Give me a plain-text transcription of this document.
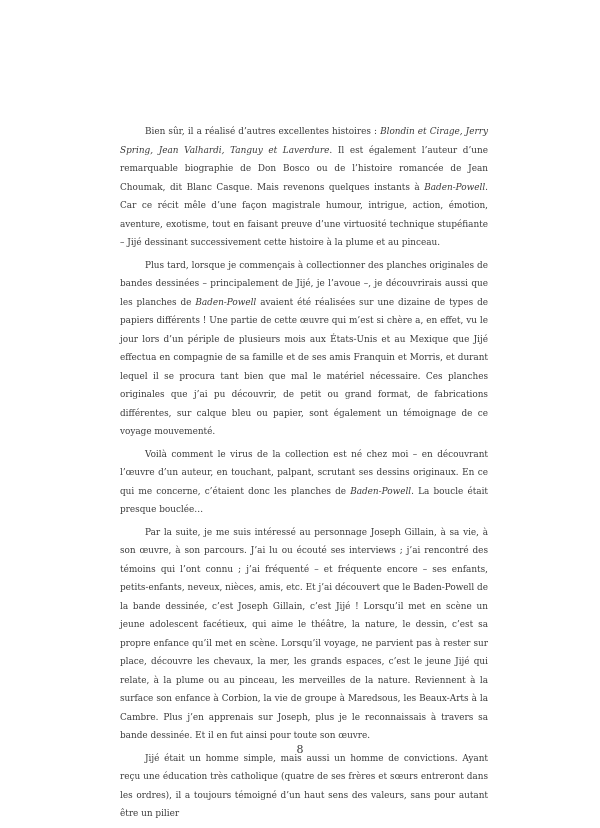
Bien sûr, il a réalisé d’autres excellentes histoires : Blondin et Cirage, Jerry Spring, Jean Valhardi, Tanguy et Laverdure. Il est également l’auteur d’une remarquable biographie de Don Bosco ou de l’histoire romancée de Jean Choumak, dit Blanc Casque. Mais revenons quelques instants à Baden-Powell. Car ce récit mêle d’une façon magistrale humour, intrigue, action, émotion, aventure, exotisme, tout en faisant preuve d’une virtuosité technique stupéfiante – Jijé dessinant successivement cette histoire à la plume et au pinceau.

Plus tard, lorsque je commençais à collectionner des planches originales de bandes dessinées – principalement de Jijé, je l’avoue –, je découvrirais aussi que les planches de Baden-Powell avaient été réalisées sur une dizaine de types de papiers différents ! Une partie de cette œuvre qui m’est si chère a, en effet, vu le jour lors d’un périple de plusieurs mois aux États-Unis et au Mexique que Jijé effectua en compagnie de sa famille et de ses amis Franquin et Morris, et durant lequel il se procura tant bien que mal le matériel nécessaire. Ces planches originales que j’ai pu découvrir, de petit ou grand format, de fabrications différentes, sur calque bleu ou papier, sont également un témoignage de ce voyage mouvementé.

Voilà comment le virus de la collection est né chez moi – en découvrant l’œuvre d’un auteur, en touchant, palpant, scrutant ses dessins originaux. En ce qui me concerne, c’étaient donc les planches de Baden-Powell. La boucle était presque bouclée…

Par la suite, je me suis intéressé au personnage Joseph Gillain, à sa vie, à son œuvre, à son parcours. J’ai lu ou écouté ses interviews ; j’ai rencontré des témoins qui l’ont connu ; j’ai fréquenté – et fréquente encore – ses enfants, petits-enfants, neveux, nièces, amis, etc. Et j’ai découvert que le Baden-Powell de la bande dessinée, c’est Joseph Gillain, c’est Jijé ! Lorsqu’il met en scène un jeune adolescent facétieux, qui aime le théâtre, la nature, le dessin, c’est sa propre enfance qu’il met en scène. Lorsqu’il voyage, ne parvient pas à rester sur place, découvre les chevaux, la mer, les grands espaces, c’est le jeune Jijé qui relate, à la plume ou au pinceau, les merveilles de la nature. Reviennent à la surface son enfance à Corbion, la vie de groupe à Maredsous, les Beaux-Arts à la Cambre. Plus j’en apprenais sur Joseph, plus je le reconnaissais à travers sa bande dessinée. Et il en fut ainsi pour toute son œuvre.

Jijé était un homme simple, mais aussi un homme de convictions. Ayant reçu une éducation très catholique (quatre de ses frères et sœurs entreront dans les ordres), il a toujours témoigné d’un haut sens des valeurs, sans pour autant être un pilier

8
